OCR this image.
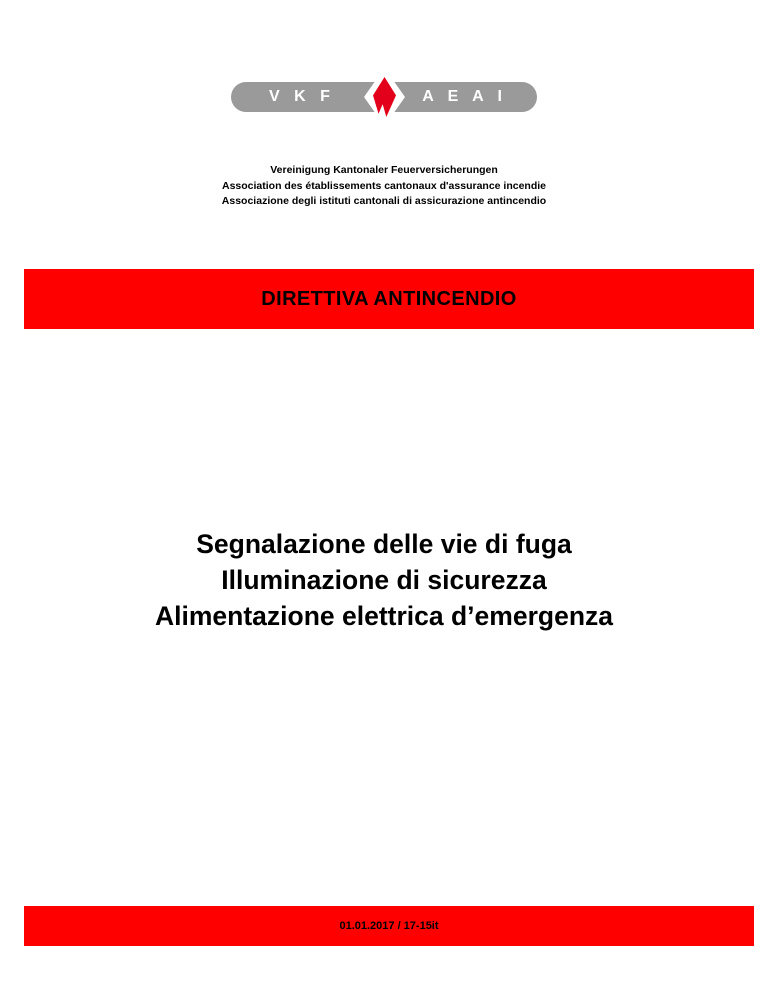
V K F	A E A I
Vereinigung Kantonaler Feuerversicherungen
Association des établissements cantonaux d'assurance incendie
Associazione degli istituti cantonali di assicurazione antincendio
DIRETTIVA ANTINCENDIO
Segnalazione delle vie di fuga
Illuminazione di sicurezza
Alimentazione elettrica d’emergenza
01.01.2017 / 17-15it
